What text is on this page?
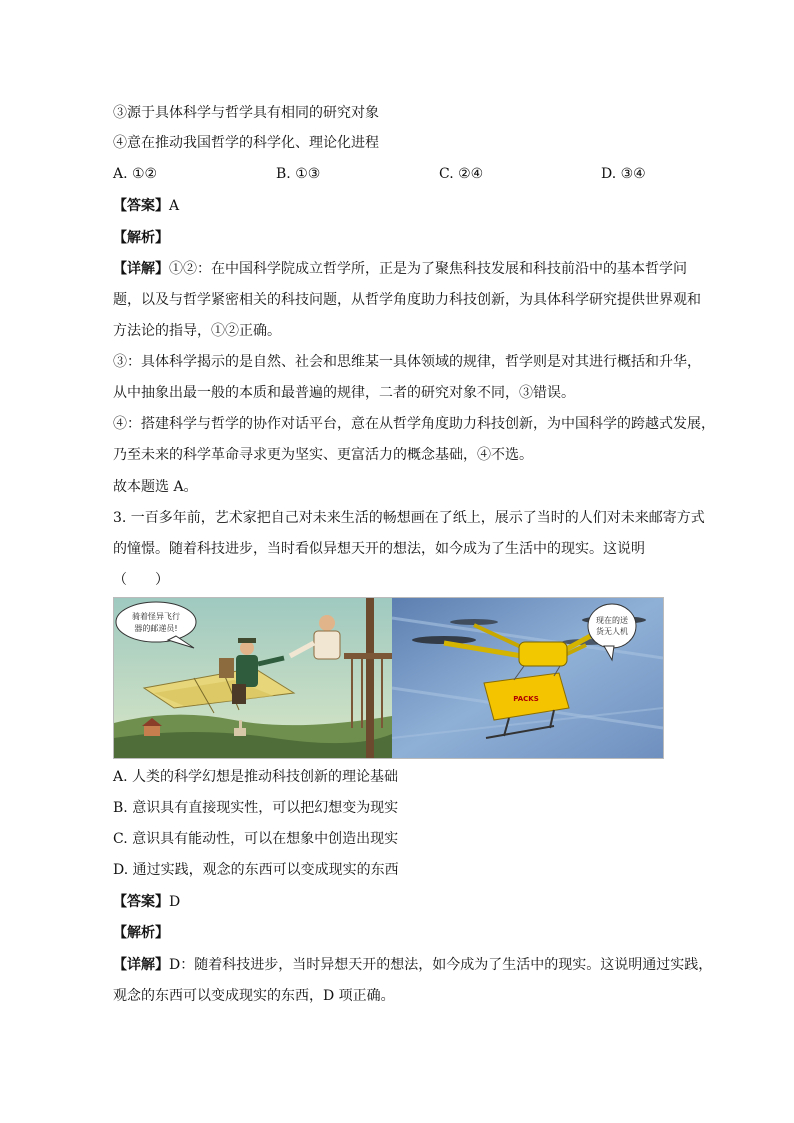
③源于具体科学与哲学具有相同的研究对象
④意在推动我国哲学的科学化、理论化进程
A. ①②	B. ①③	C. ②④	D. ③④
【答案】A
【解析】
【详解】①②：在中国科学院成立哲学所，正是为了聚焦科技发展和科技前沿中的基本哲学问
题，以及与哲学紧密相关的科技问题，从哲学角度助力科技创新，为具体科学研究提供世界观和
方法论的指导，①②正确。
③：具体科学揭示的是自然、社会和思维某一具体领域的规律，哲学则是对其进行概括和升华，
从中抽象出最一般的本质和最普遍的规律，二者的研究对象不同，③错误。
④：搭建科学与哲学的协作对话平台，意在从哲学角度助力科技创新，为中国科学的跨越式发展，
乃至未来的科学革命寻求更为坚实、更富活力的概念基础，④不选。
故本题选 A。
3. 一百多年前，艺术家把自己对未来生活的畅想画在了纸上，展示了当时的人们对未来邮寄方式
的憧憬。随着科技进步，当时看似异想天开的想法，如今成为了生活中的现实。这说明
（　　）
骑着怪异飞行
器的邮递员!
PACKS
现在的送
货无人机
A. 人类的科学幻想是推动科技创新的理论基础
B. 意识具有直接现实性，可以把幻想变为现实
C. 意识具有能动性，可以在想象中创造出现实
D. 通过实践，观念的东西可以变成现实的东西
【答案】D
【解析】
【详解】D：随着科技进步，当时异想天开的想法，如今成为了生活中的现实。这说明通过实践，
观念的东西可以变成现实的东西，D 项正确。
